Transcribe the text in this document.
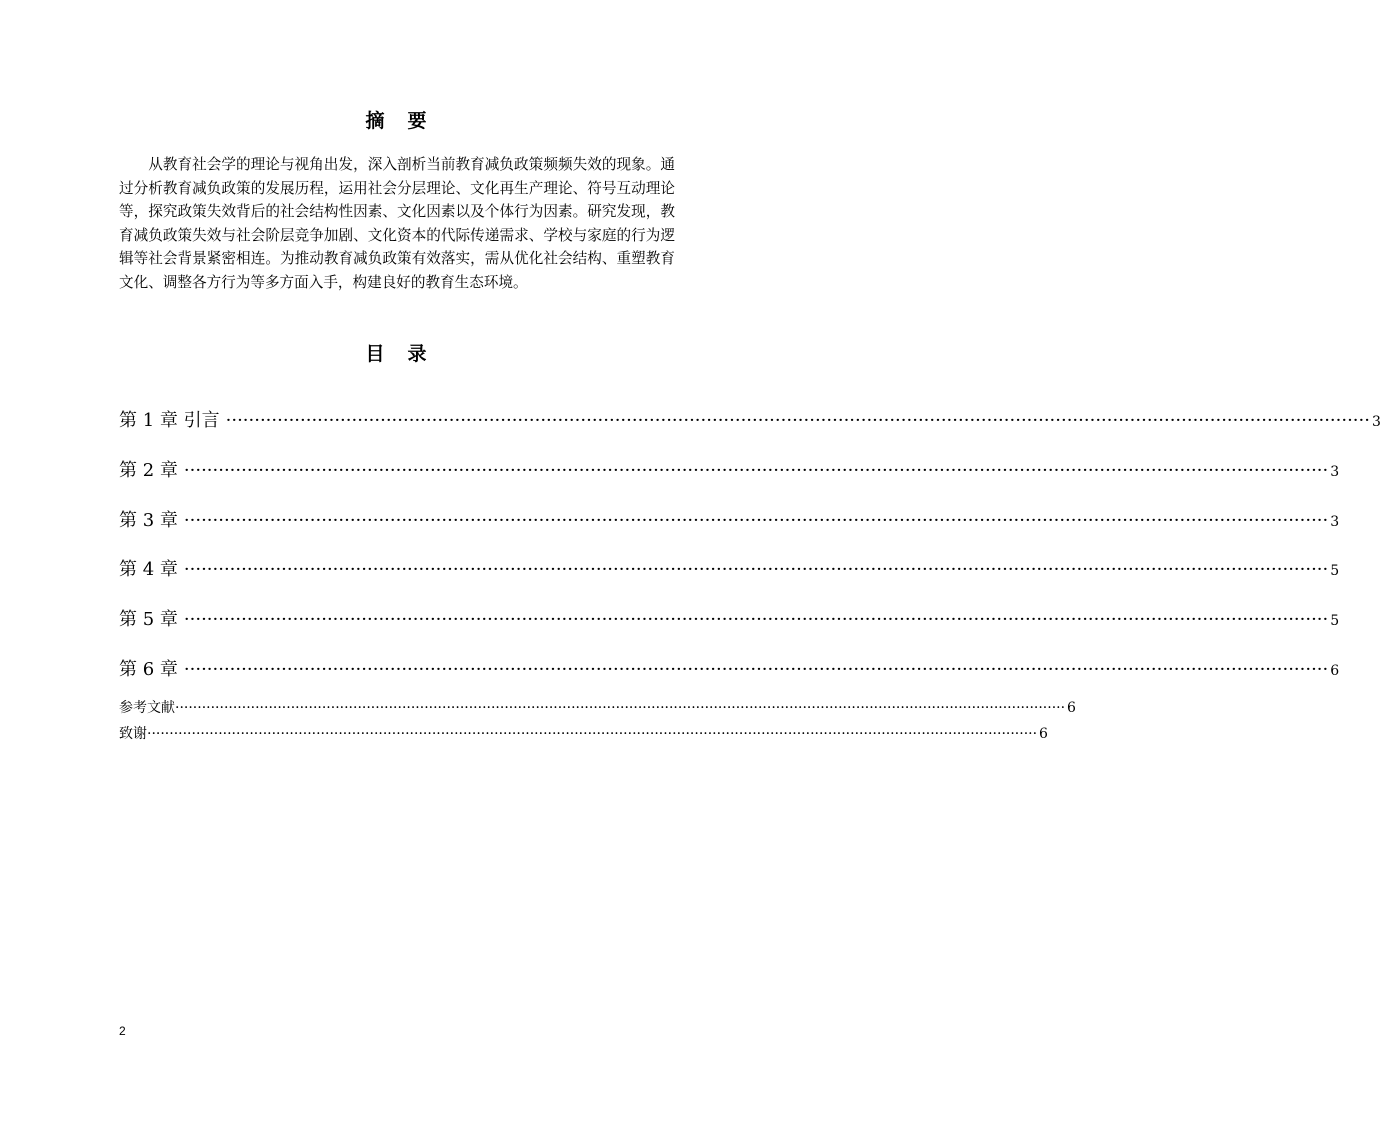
摘 要

从教育社会学的理论与视角出发，深入剖析当前教育减负政策频频失效的现象。通过分析教育减负政策的发展历程，运用社会分层理论、文化再生产理论、符号互动理论等，探究政策失效背后的社会结构性因素、文化因素以及个体行为因素。研究发现，教育减负政策失效与社会阶层竞争加剧、文化资本的代际传递需求、学校与家庭的行为逻辑等社会背景紧密相连。为推动教育减负政策有效落实，需从优化社会结构、重塑教育文化、调整各方行为等多方面入手，构建良好的教育生态环境。

目 录
第 1 章 引言 ········································································································································································································ 3
第 2 章 ········································································································································································································ 3
第 3 章 ········································································································································································································ 3
第 4 章 ········································································································································································································ 5
第 5 章 ········································································································································································································ 5
第 6 章 ········································································································································································································ 6
参考文献 ········································································································································································································ 6
致谢 ········································································································································································································ 6
2
